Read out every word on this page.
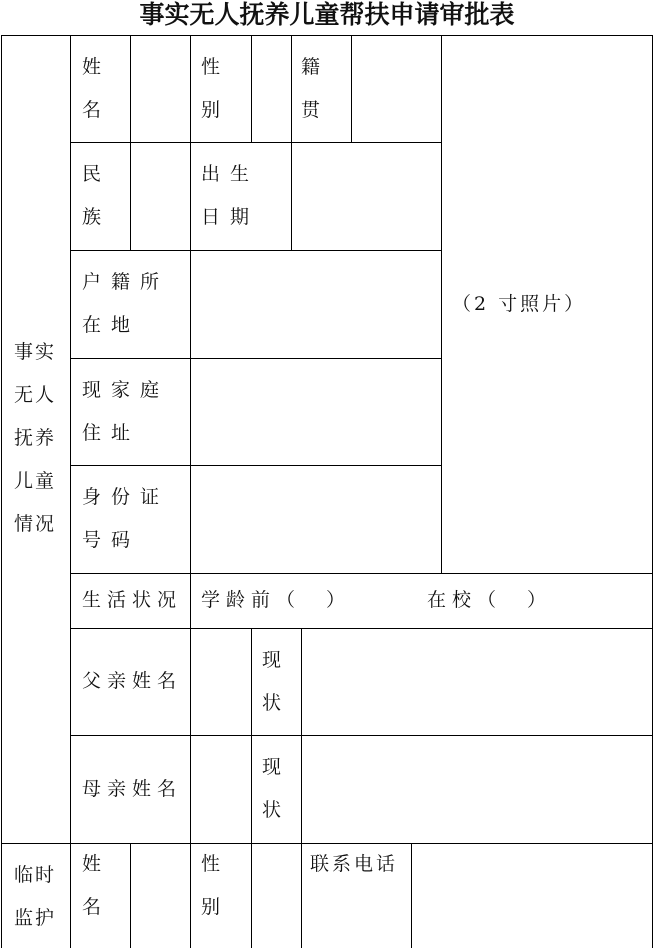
事实无人抚养儿童帮扶申请审批表
事实无人抚养儿童情况
姓名
性别
籍贯
民族
出生日期
户籍所在地
现家庭住址
身份证号码
（2 寸照片）
生活状况 学龄前（　）	在校（　）
父亲姓名
现状
母亲姓名
现状
临时监护
姓名
性别
联系电话
